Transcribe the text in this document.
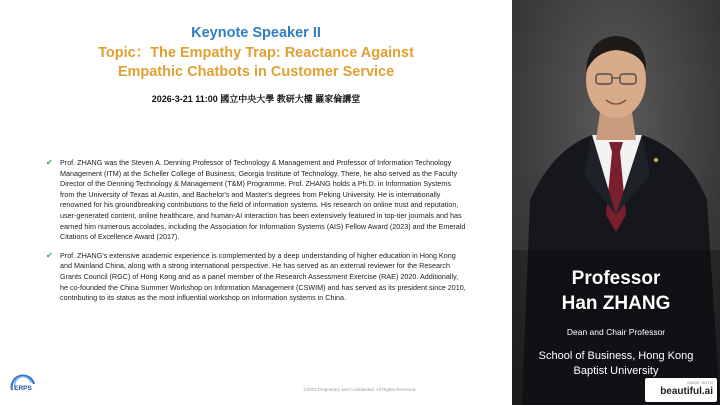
Keynote Speaker II
Topic：The Empathy Trap: Reactance Against
Empathic Chatbots in Customer Service
2026-3-21 11:00 國立中央大學 教研大樓 羅家倫講堂
✔ Prof. ZHANG was the Steven A. Denning Professor of Technology & Management and Professor of Information Technology Management (ITM) at the Scheller College of Business, Georgia Institute of Technology. There, he also served as the Faculty Director of the Denning Technology & Management (T&M) Programme. Prof. ZHANG holds a Ph.D. in Information Systems from the University of Texas at Austin, and Bachelor's and Master's degrees from Peking University. He is internationally renowned for his groundbreaking contributions to the field of information systems. His research on online trust and reputation, user-generated content, online healthcare, and human-AI interaction has been extensively featured in top-tier journals and has earned him numerous accolades, including the Association for Information Systems (AIS) Fellow Award (2023) and the Emerald Citations of Excellence Award (2017).
✔ Prof. ZHANG's extensive academic experience is complemented by a deep understanding of higher education in Hong Kong and Mainland China, along with a strong international perspective. He has served as an external reviewer for the Research Grants Council (RGC) of Hong Kong and as a panel member of the Research Assessment Exercise (RAE) 2020. Additionally, he co-founded the China Summer Workshop on Information Management (CSWIM) and has served as its president since 2010, contributing to its status as the most influential workshop on information systems in China.
ERPS
Professor
Han ZHANG
Dean and Chair Professor
School of Business, Hong Kong
Baptist University
©2023 Proprietary and Confidential. All Rights Reserved.
MADE WITH
beautiful.ai
